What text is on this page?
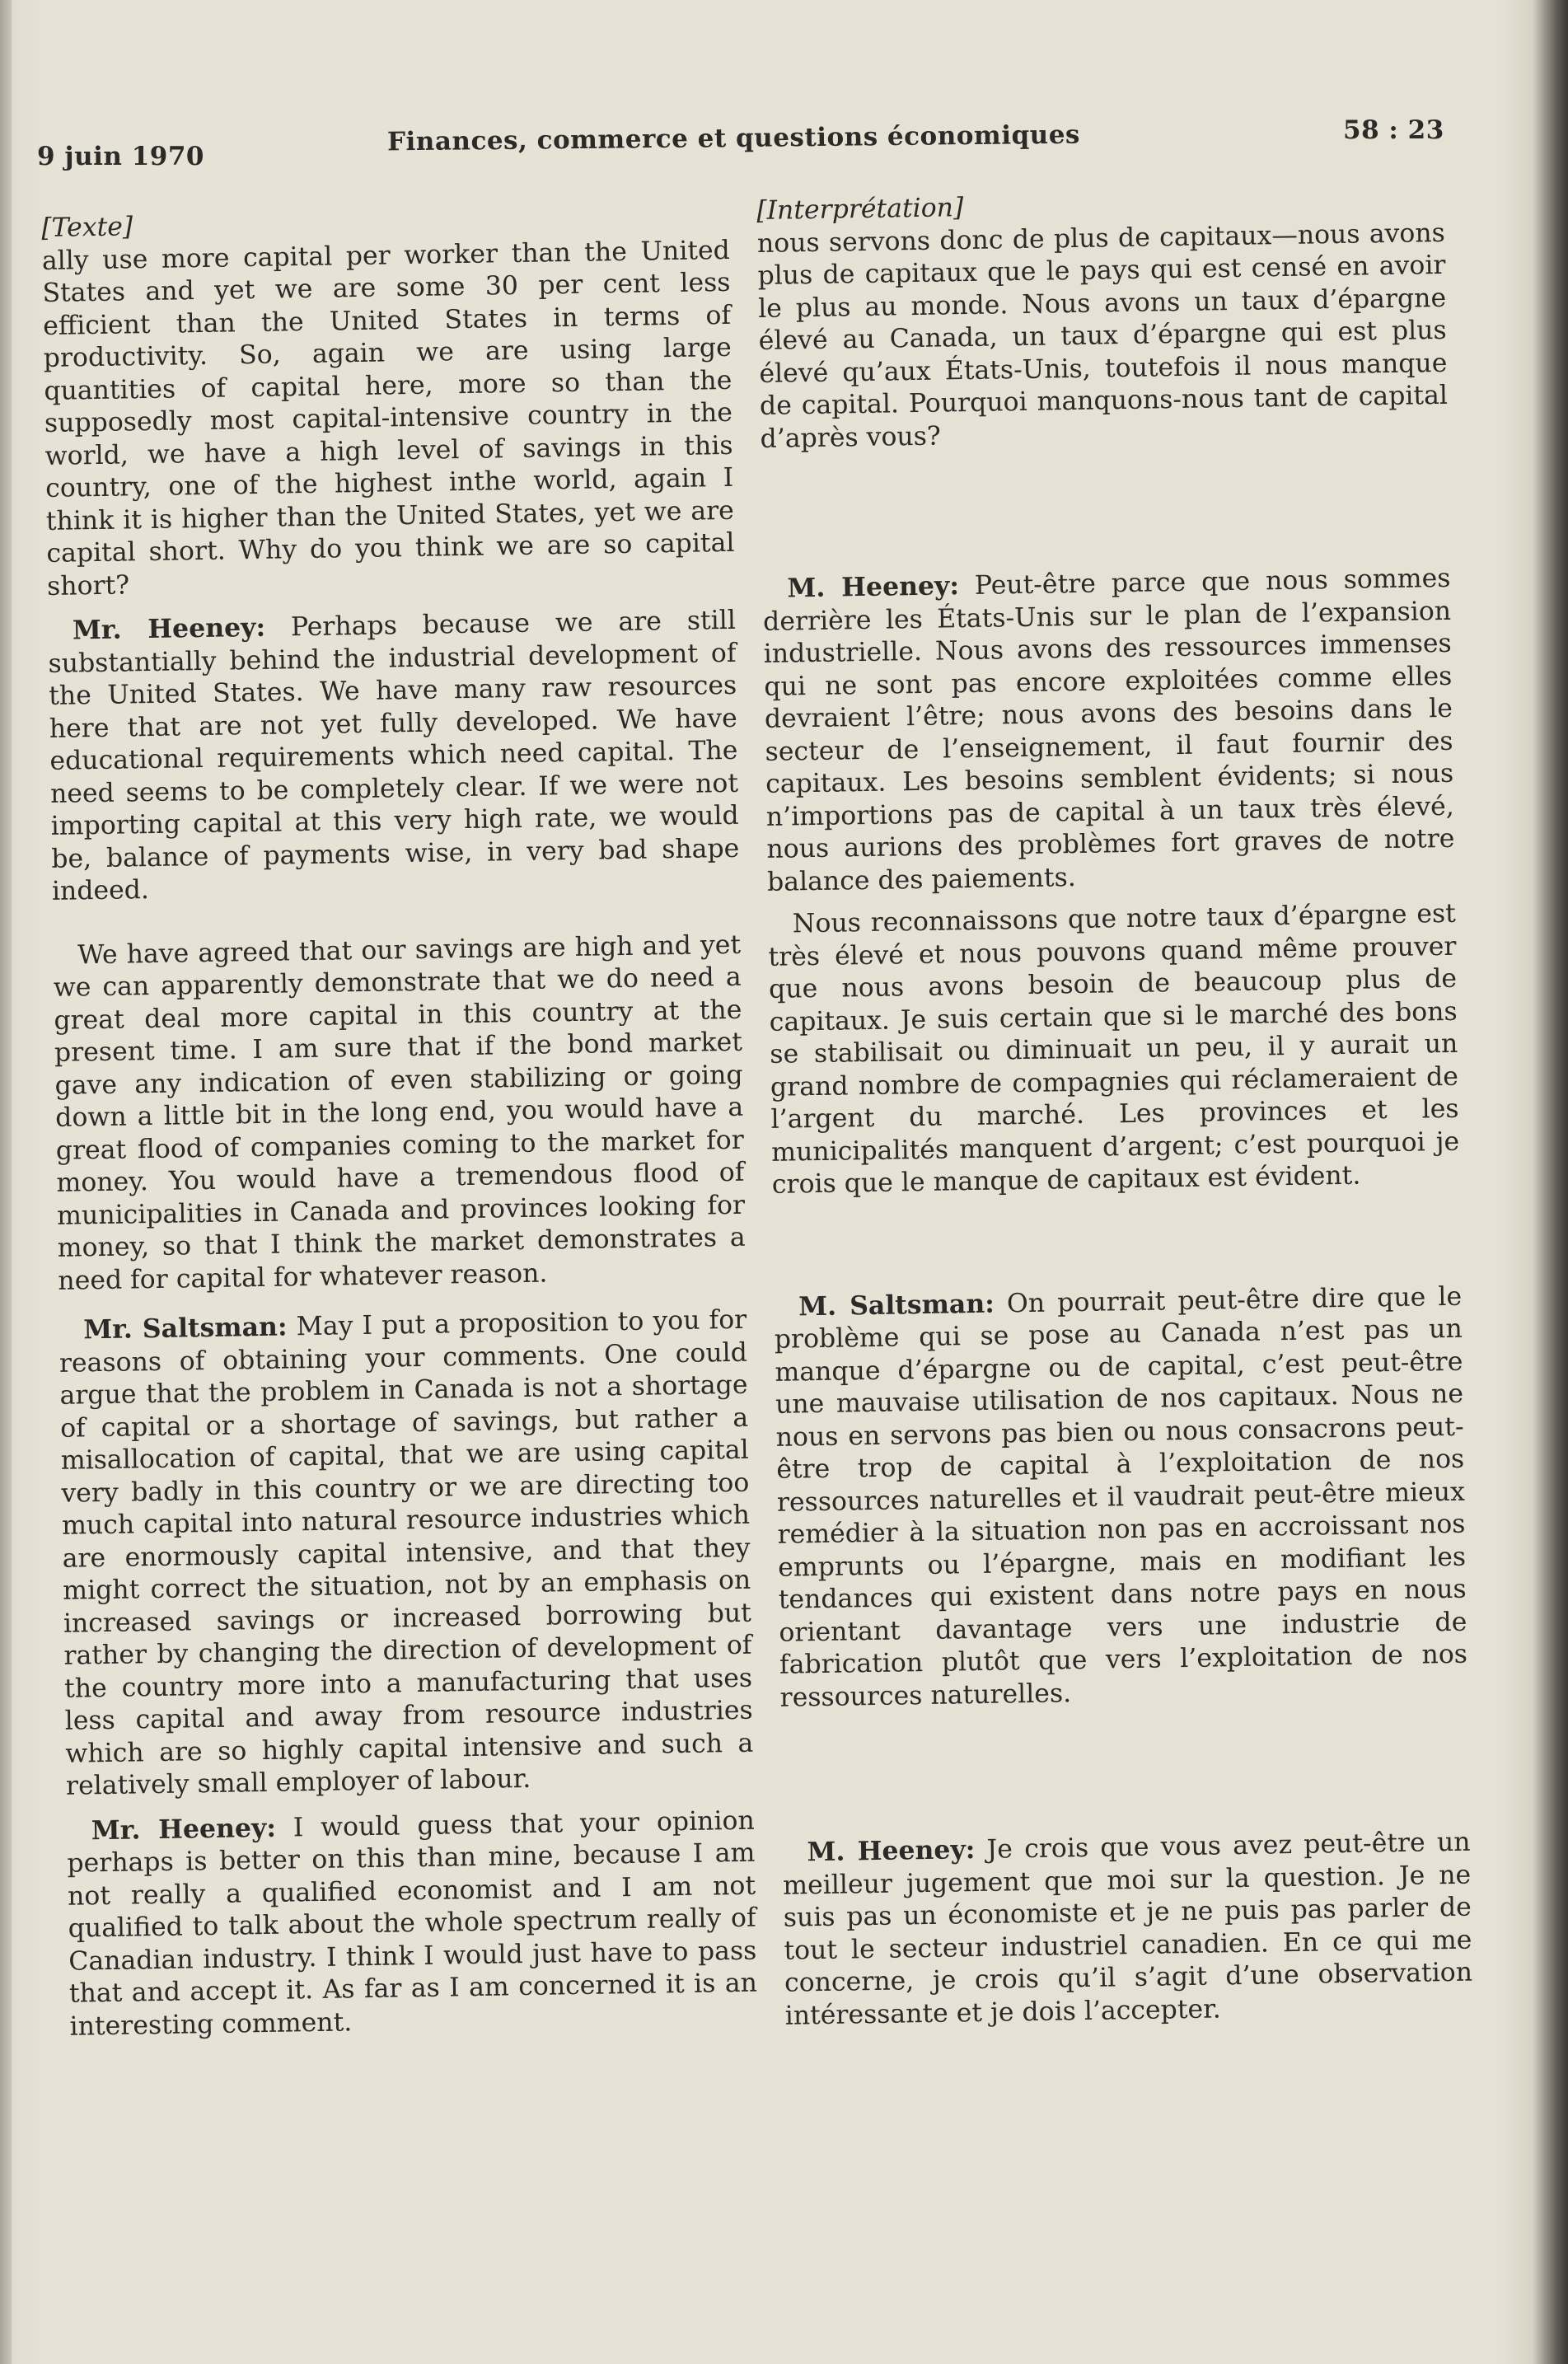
9 juin 1970	Finances, commerce et questions économiques	58 : 23
[Texte]

ally use more capital per worker than the United States and yet we are some 30 per cent less efficient than the United States in terms of productivity. So, again we are using large quantities of capital here, more so than the supposedly most capital-intensive country in the world, we have a high level of savings in this country, one of the highest inthe world, again I think it is higher than the United States, yet we are capital short. Why do you think we are so capital short?

Mr. Heeney: Perhaps because we are still substantially behind the industrial development of the United States. We have many raw resources here that are not yet fully developed. We have educational requirements which need capital. The need seems to be completely clear. If we were not importing capital at this very high rate, we would be, balance of payments wise, in very bad shape indeed.

We have agreed that our savings are high and yet we can apparently demonstrate that we do need a great deal more capital in this country at the present time. I am sure that if the bond market gave any indication of even stabilizing or going down a little bit in the long end, you would have a great flood of companies coming to the market for money. You would have a tremendous flood of municipalities in Canada and provinces looking for money, so that I think the market demonstrates a need for capital for whatever reason.

Mr. Saltsman: May I put a proposition to you for reasons of obtaining your comments. One could argue that the problem in Canada is not a shortage of capital or a shortage of savings, but rather a misallocation of capital, that we are using capital very badly in this country or we are directing too much capital into natural resource industries which are enormously capital intensive, and that they might correct the situation, not by an emphasis on increased savings or increased borrowing but rather by changing the direction of development of the country more into a manufacturing that uses less capital and away from resource industries which are so highly capital intensive and such a relatively small employer of labour.

Mr. Heeney: I would guess that your opinion perhaps is better on this than mine, because I am not really a qualified economist and I am not qualified to talk about the whole spectrum really of Canadian industry. I think I would just have to pass that and accept it. As far as I am concerned it is an interesting comment.

[Interprétation]

nous servons donc de plus de capitaux—nous avons plus de capitaux que le pays qui est censé en avoir le plus au monde. Nous avons un taux d’épargne élevé au Canada, un taux d’épargne qui est plus élevé qu’aux États-Unis, toutefois il nous manque de capital. Pourquoi manquons-nous tant de capital d’après vous?

M. Heeney: Peut-être parce que nous sommes derrière les États-Unis sur le plan de l’expansion industrielle. Nous avons des ressources immenses qui ne sont pas encore exploitées comme elles devraient l’être; nous avons des besoins dans le secteur de l’enseignement, il faut fournir des capitaux. Les besoins semblent évidents; si nous n’importions pas de capital à un taux très élevé, nous aurions des problèmes fort graves de notre balance des paiements.

Nous reconnaissons que notre taux d’épargne est très élevé et nous pouvons quand même prouver que nous avons besoin de beaucoup plus de capitaux. Je suis certain que si le marché des bons se stabilisait ou diminuait un peu, il y aurait un grand nombre de compagnies qui réclameraient de l’argent du marché. Les provinces et les municipalités manquent d’argent; c’est pourquoi je crois que le manque de capitaux est évident.

M. Saltsman: On pourrait peut-être dire que le problème qui se pose au Canada n’est pas un manque d’épargne ou de capital, c’est peut-être une mauvaise utilisation de nos capitaux. Nous ne nous en servons pas bien ou nous consacrons peut-être trop de capital à l’exploitation de nos ressources naturelles et il vaudrait peut-être mieux remédier à la situation non pas en accroissant nos emprunts ou l’épargne, mais en modifiant les tendances qui existent dans notre pays en nous orientant davantage vers une industrie de fabrication plutôt que vers l’exploitation de nos ressources naturelles.

M. Heeney: Je crois que vous avez peut-être un meilleur jugement que moi sur la question. Je ne suis pas un économiste et je ne puis pas parler de tout le secteur industriel canadien. En ce qui me concerne, je crois qu’il s’agit d’une observation intéressante et je dois l’accepter.
